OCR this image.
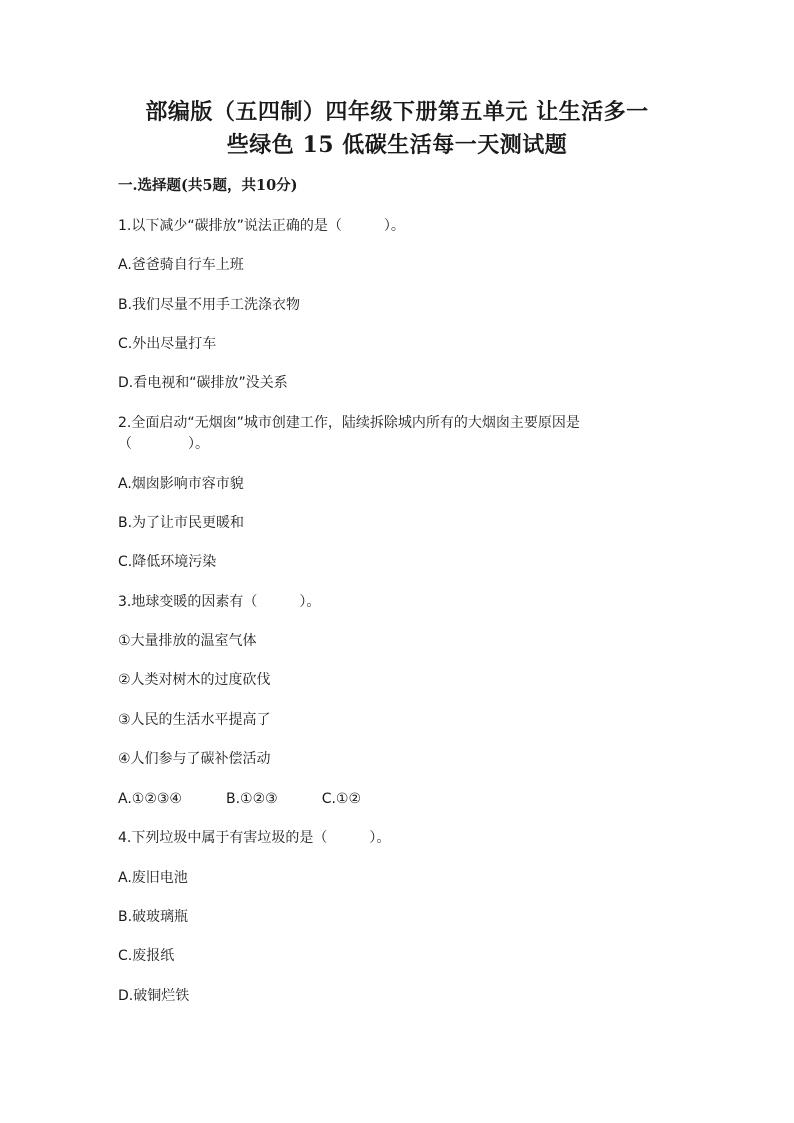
部编版（五四制）四年级下册第五单元 让生活多一
些绿色 15 低碳生活每一天测试题
一.选择题(共5题，共10分)
1.以下减少“碳排放”说法正确的是（　　　）。
A.爸爸骑自行车上班
B.我们尽量不用手工洗涤衣物
C.外出尽量打车
D.看电视和“碳排放”没关系
2.全面启动“无烟囱”城市创建工作，陆续拆除城内所有的大烟囱主要原因是
（　　　　）。
A.烟囱影响市容市貌
B.为了让市民更暖和
C.降低环境污染
3.地球变暖的因素有（　　　）。
①大量排放的温室气体
②人类对树木的过度砍伐
③人民的生活水平提高了
④人们参与了碳补偿活动
A.①②③④	B.①②③	C.①②
4.下列垃圾中属于有害垃圾的是（　　　）。
A.废旧电池
B.破玻璃瓶
C.废报纸
D.破铜烂铁
